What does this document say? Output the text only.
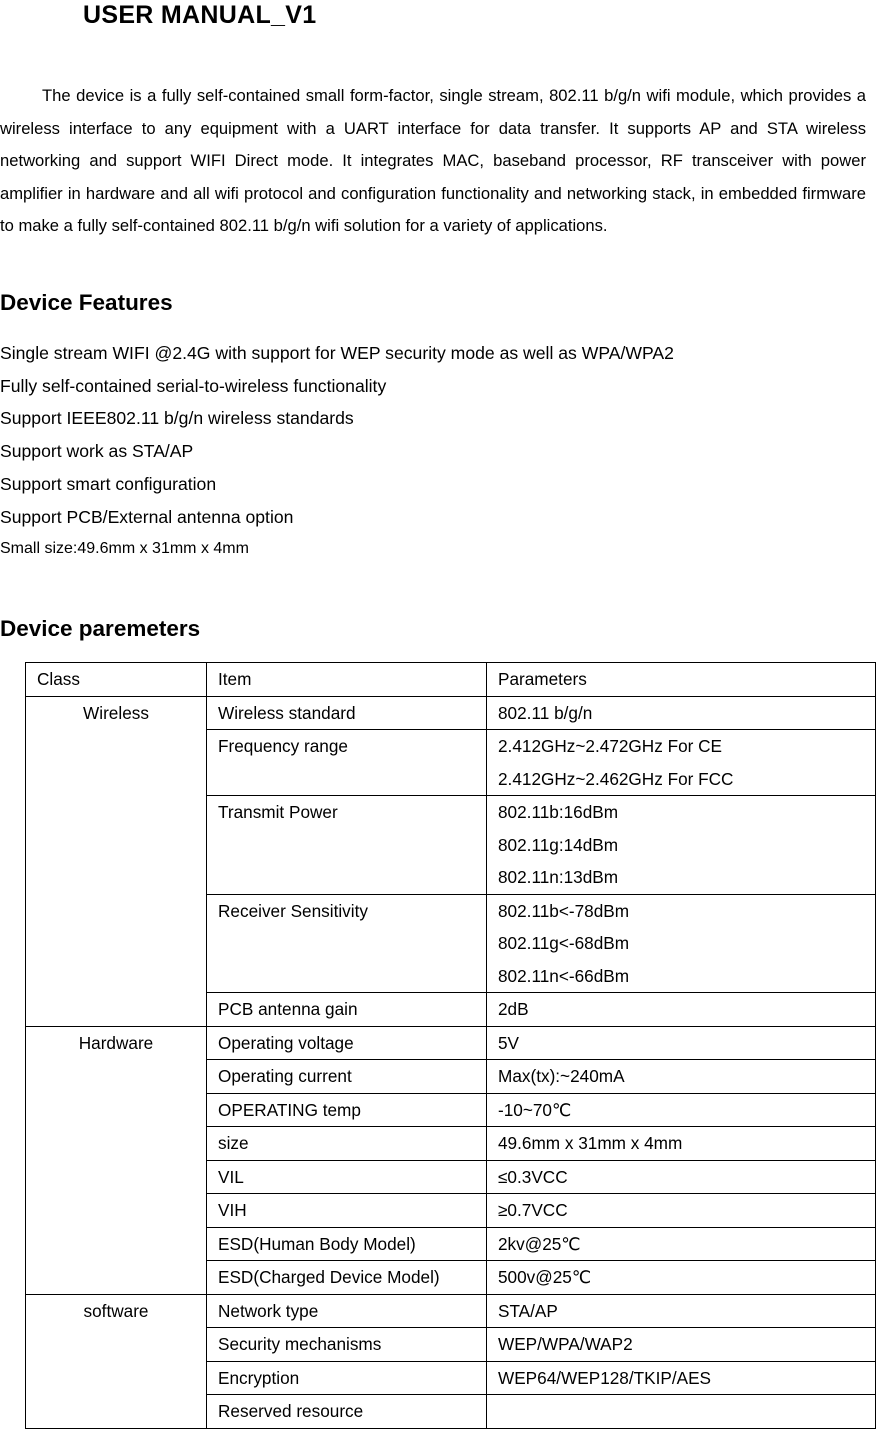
USER MANUAL_V1

The device is a fully self-contained small form-factor, single stream, 802.11 b/g/n wifi module, which provides a wireless interface to any equipment with a UART interface for data transfer. It supports AP and STA wireless networking and support WIFI Direct mode. It integrates MAC, baseband processor, RF transceiver with power amplifier in hardware and all wifi protocol and configuration functionality and networking stack, in embedded firmware to make a fully self-contained 802.11 b/g/n wifi solution for a variety of applications.

Device Features
Single stream WIFI @2.4G with support for WEP security mode as well as WPA/WPA2
Fully self-contained serial-to-wireless functionality
Support IEEE802.11 b/g/n wireless standards
Support work as STA/AP
Support smart configuration
Support PCB/External antenna option
Small size:49.6mm x 31mm x 4mm
Device paremeters
Class	Item	Parameters
Wireless	Wireless standard	802.11 b/g/n

	Frequency range	2.412GHz~2.472GHz For CE
2.412GHz~2.462GHz For FCC

	Transmit Power	802.11b:16dBm
802.11g:14dBm
802.11n:13dBm

	Receiver Sensitivity	802.11b<-78dBm
802.11g<-68dBm
802.11n<-66dBm

	PCB antenna gain	2dB

Hardware	Operating voltage	5V

	Operating current	Max(tx):~240mA

	OPERATING temp	-10~70℃

	size	49.6mm x 31mm x 4mm

	VIL	≤0.3VCC

	VIH	≥0.7VCC

	ESD(Human Body Model)	2kv@25℃

	ESD(Charged Device Model)	500v@25℃

software	Network type	STA/AP

	Security mechanisms	WEP/WPA/WAP2

	Encryption	WEP64/WEP128/TKIP/AES

	Reserved resource	
